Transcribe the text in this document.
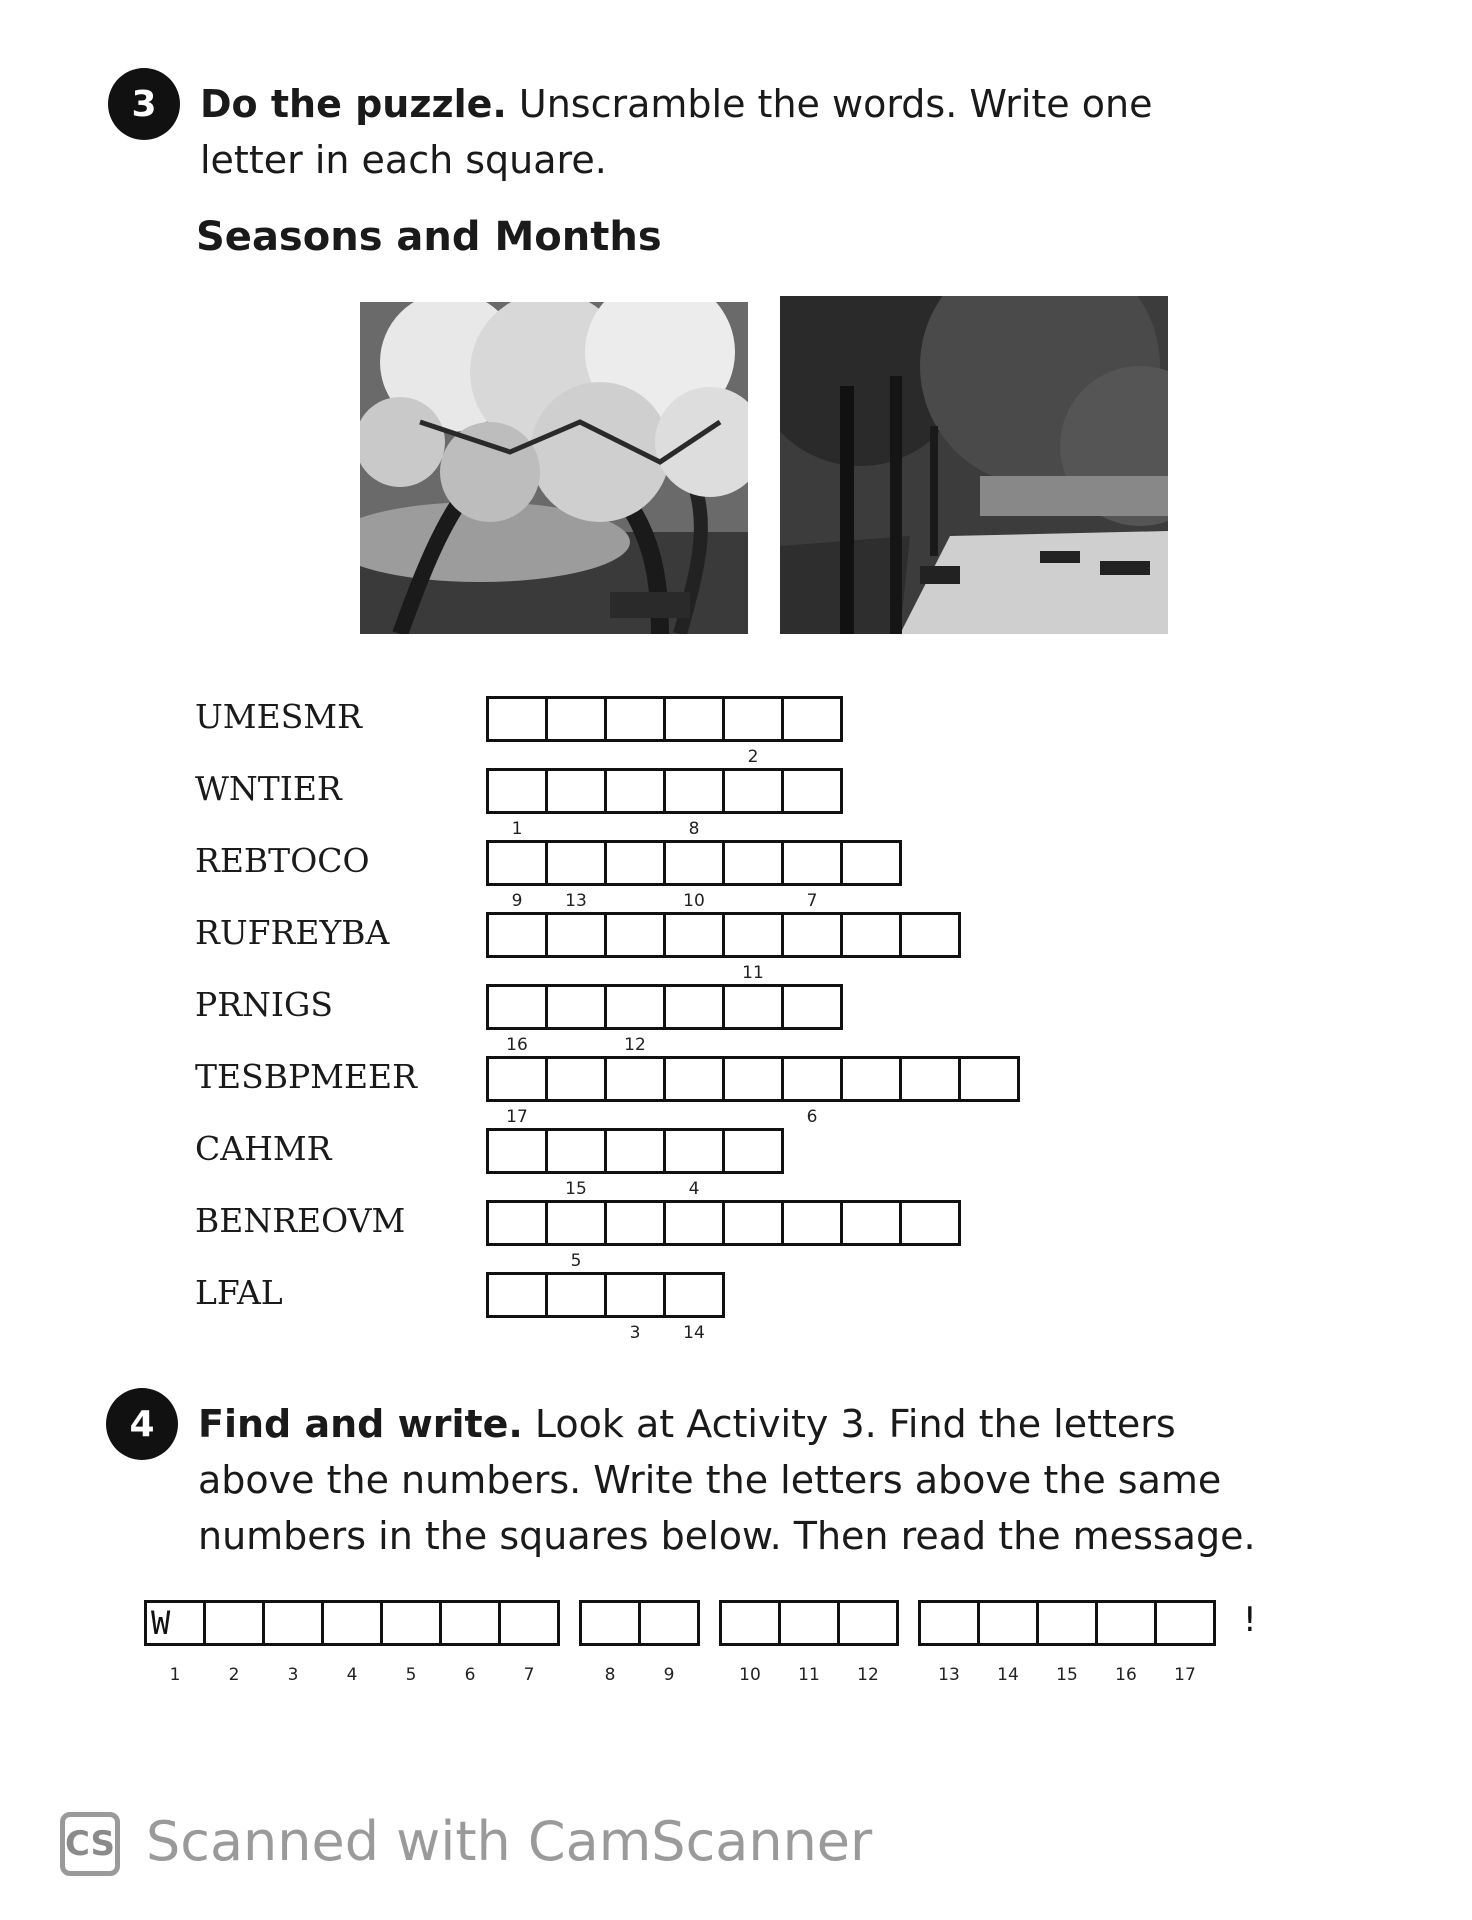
3	Do the puzzle. Unscramble the words. Write one letter in each square.
Seasons and Months
UMESMR
WNTIER
REBTOCO
RUFREYBA
PRNIGS
TESBPMEER
CAHMR
BENREOVM
LFAL
2
1	8
9	13	10	7
11
16	12
17	6
15	4
5
3	14
4	Find and write. Look at Activity 3. Find the letters above the numbers. Write the letters above the same numbers in the squares below. Then read the message.
W
1	2	3	4	5	6	7	8	9	10	11	12	13	14	15	16	17
!
CS Scanned with CamScanner
